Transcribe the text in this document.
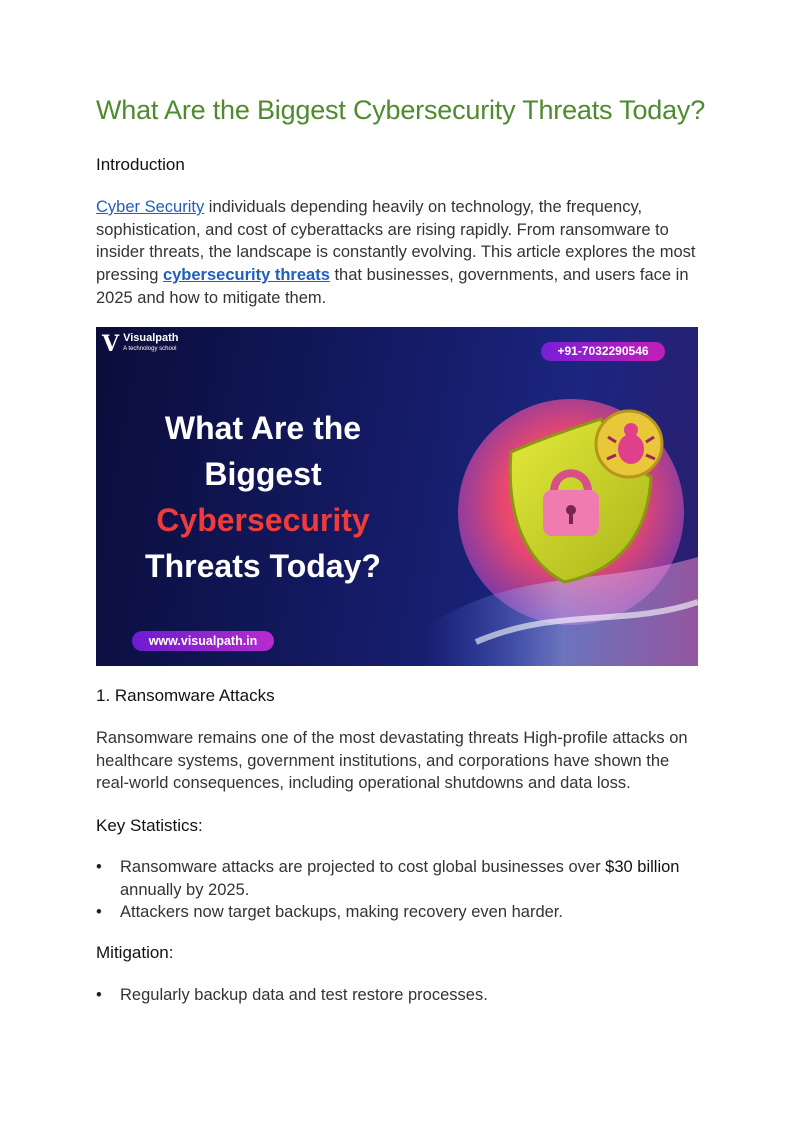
What Are the Biggest Cybersecurity Threats Today?
Introduction

Cyber Security individuals depending heavily on technology, the frequency, sophistication, and cost of cyberattacks are rising rapidly. From ransomware to insider threats, the landscape is constantly evolving. This article explores the most pressing cybersecurity threats that businesses, governments, and users face in 2025 and how to mitigate them.

1. Ransomware Attacks

Ransomware remains one of the most devastating threats High-profile attacks on healthcare systems, government institutions, and corporations have shown the real-world consequences, including operational shutdowns and data loss.

Key Statistics:
• Ransomware attacks are projected to cost global businesses over $30 billion annually by 2025.
• Attackers now target backups, making recovery even harder.
Mitigation:
• Regularly backup data and test restore processes.
V Visualpath
A technology school	+91-7032290546
What Are the
Biggest
Cybersecurity
Threats Today?
www.visualpath.in
